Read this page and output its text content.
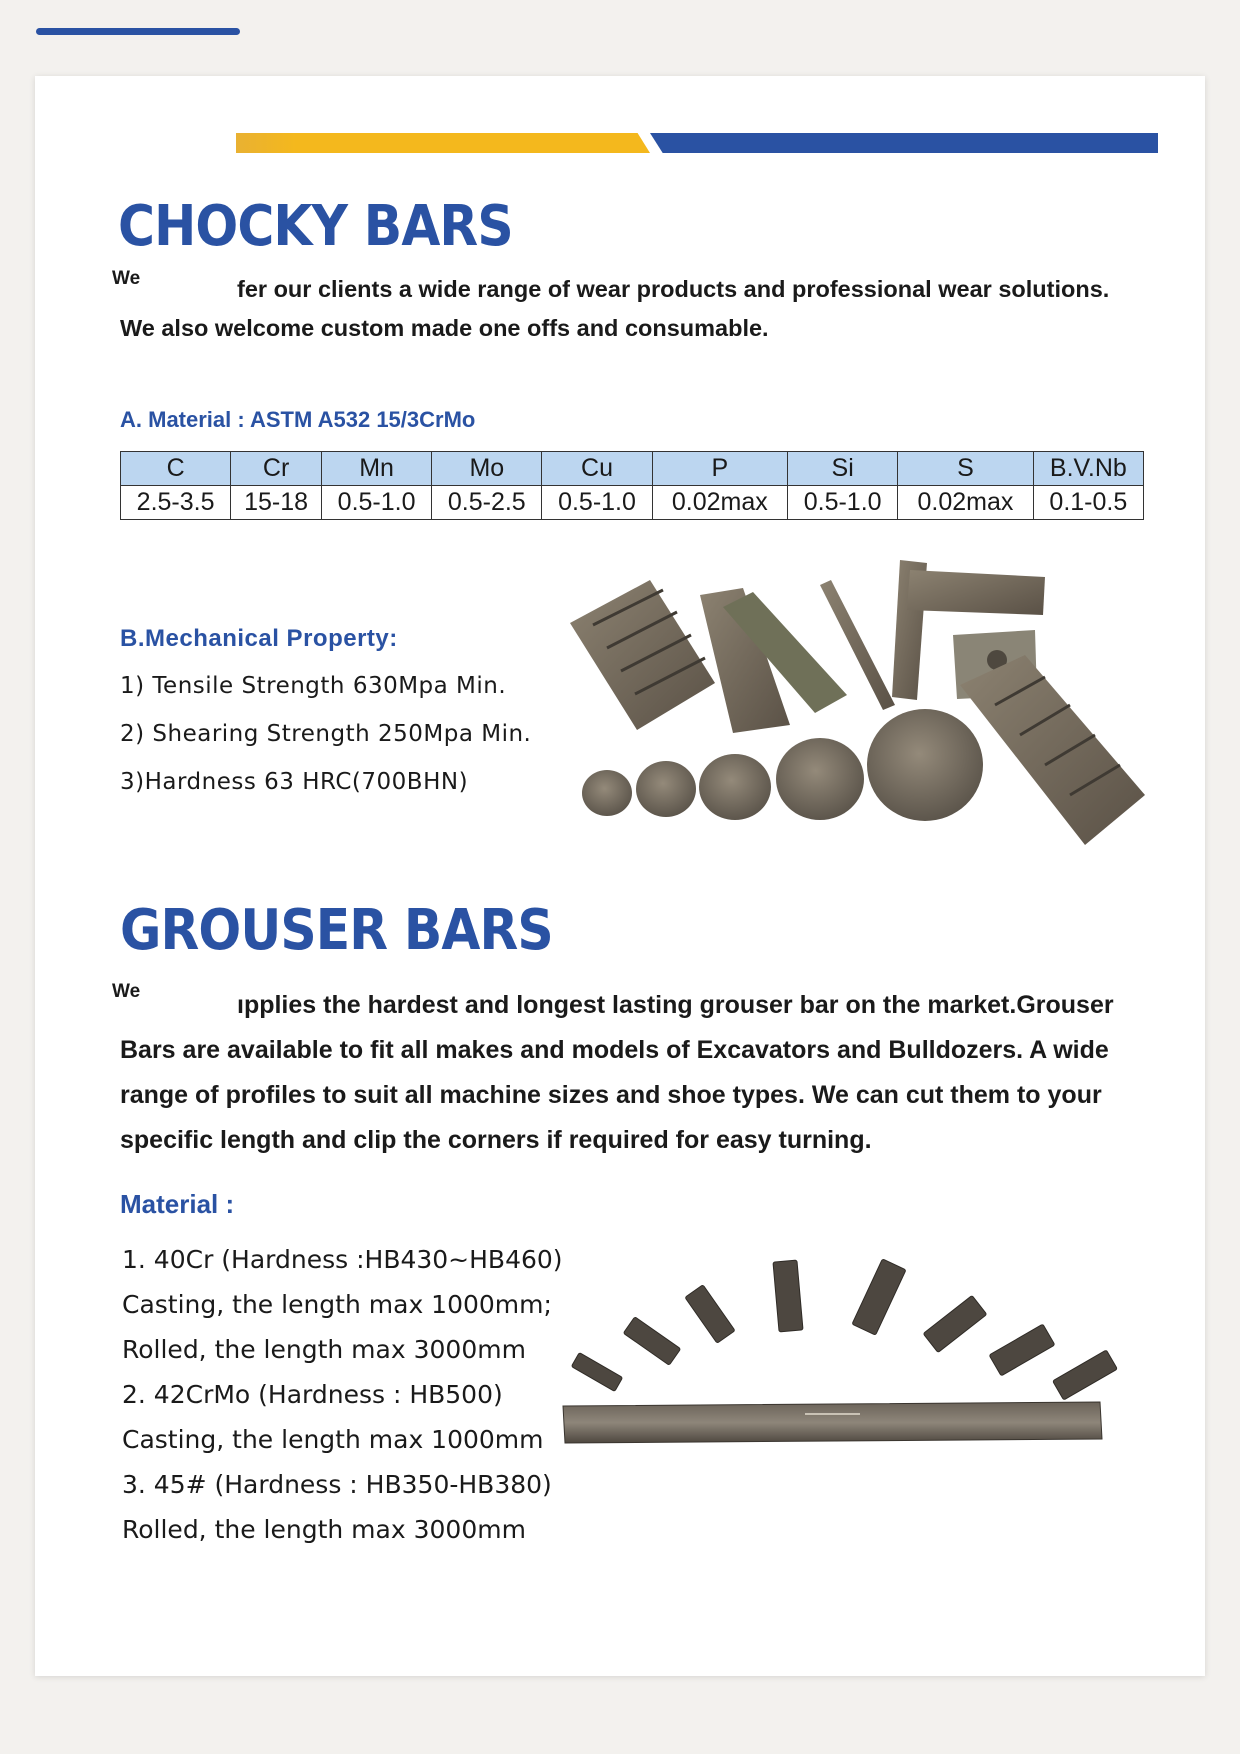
CHOCKY BARS
We	fer our clients a wide range of wear products and professional wear solutions.

We also welcome custom made one offs and consumable.

A. Material : ASTM A532 15/3CrMo

C	Cr	Mn	Mo	Cu	P	Si	S	B.V.Nb
2.5-3.5	15-18	0.5-1.0	0.5-2.5	0.5-1.0	0.02max	0.5-1.0	0.02max	0.1-0.5

B.Mechanical Property:

1) Tensile Strength 630Mpa Min.

2) Shearing Strength 250Mpa Min.

3)Hardness 63 HRC(700BHN)

GROUSER BARS
We	ıpplies the hardest and longest lasting grouser bar on the market.Grouser

Bars are available to fit all makes and models of Excavators and Bulldozers. A wide

range of profiles to suit all machine sizes and shoe types. We can cut them to your

specific length and clip the corners if required for easy turning.

Material :

1. 40Cr (Hardness :HB430~HB460)

Casting, the length max 1000mm;

Rolled, the length max 3000mm

2. 42CrMo (Hardness : HB500)

Casting, the length max 1000mm

3. 45# (Hardness : HB350-HB380)

Rolled, the length max 3000mm
